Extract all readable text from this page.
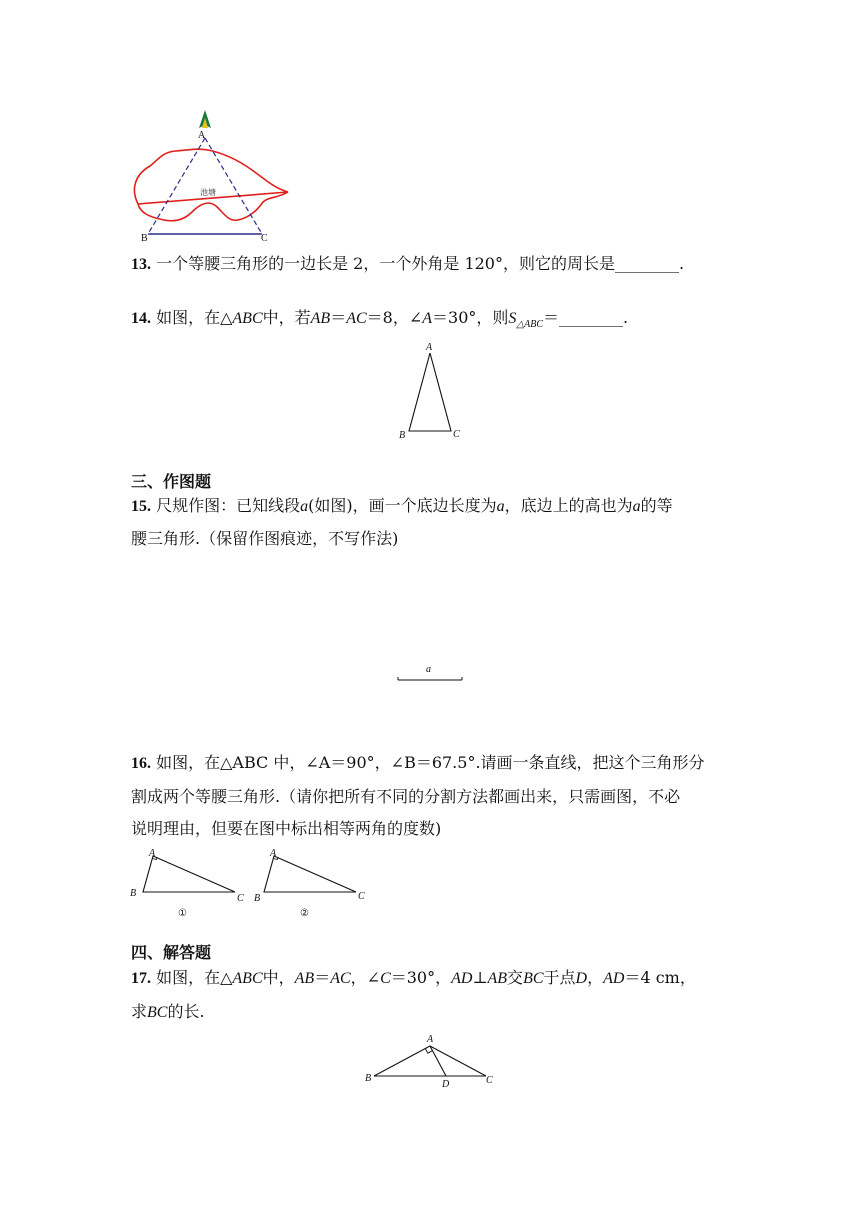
A
B	C
池塘
13. 一个等腰三角形的一边长是 2，一个外角是 120°，则它的周长是________.
14. 如图，在△ABC中，若AB＝AC＝8，∠A＝30°，则$S_{\triangle ABC}=\_\_\_\_\_\_\_\_$.
A
B	C
三、作图题
15. 尺规作图：已知线段a(如图)，画一个底边长度为a，底边上的高也为a的等
腰三角形.（保留作图痕迹，不写作法)
a
16. 如图，在△ABC 中，∠A＝90°，∠B＝67.5°.请画一条直线，把这个三角形分
割成两个等腰三角形.（请你把所有不同的分割方法都画出来，只需画图，不必
说明理由，但要在图中标出相等两角的度数)
A
B	C
①
A
B	C
②
四、解答题
17. 如图，在△ABC中，AB＝AC，∠C＝30°，AD⊥AB交BC于点D，AD＝4 cm，
求BC的长.
A
B	C
D
